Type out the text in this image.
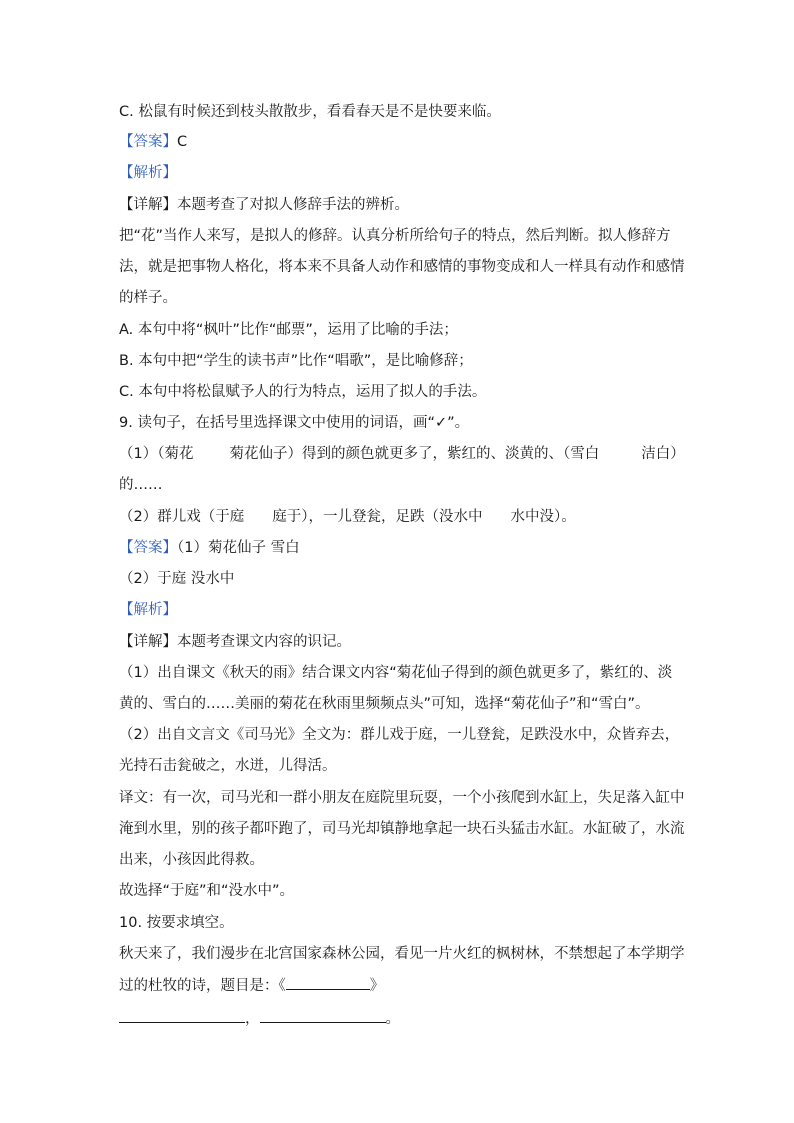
C. 松鼠有时候还到枝头散散步，看看春天是不是快要来临。
【答案】C
【解析】
【详解】本题考查了对拟人修辞手法的辨析。
把“花”当作人来写，是拟人的修辞。认真分析所给句子的特点，然后判断。拟人修辞方
法，就是把事物人格化，将本来不具备人动作和感情的事物变成和人一样具有动作和感情
的样子。
A. 本句中将“枫叶”比作“邮票”，运用了比喻的手法；
B. 本句中把“学生的读书声”比作“唱歌”，是比喻修辞；
C. 本句中将松鼠赋予人的行为特点，运用了拟人的手法。
9. 读句子，在括号里选择课文中使用的词语，画“✓”。
（1）（菊花 菊花仙子）得到的颜色就更多了，紫红的、淡黄的、（雪白	洁白）
的……
（2）群儿戏（于庭 庭于），一儿登瓮，足跌（没水中 水中没）。
【答案】（1）菊花仙子 雪白
（2）于庭 没水中
【解析】
【详解】本题考查课文内容的识记。
（1）出自课文《秋天的雨》结合课文内容“菊花仙子得到的颜色就更多了，紫红的、淡
黄的、雪白的……美丽的菊花在秋雨里频频点头”可知，选择“菊花仙子”和“雪白”。
（2）出自文言文《司马光》全文为：群儿戏于庭，一儿登瓮，足跌没水中，众皆弃去，
光持石击瓮破之，水迸，儿得活。
译文：有一次，司马光和一群小朋友在庭院里玩耍，一个小孩爬到水缸上，失足落入缸中
淹到水里，别的孩子都吓跑了，司马光却镇静地拿起一块石头猛击水缸。水缸破了，水流
出来，小孩因此得救。
故选择“于庭”和“没水中”。
10. 按要求填空。
秋天来了，我们漫步在北宫国家森林公园，看见一片火红的枫树林，不禁想起了本学期学
过的杜牧的诗，题目是：《	》
，	。
